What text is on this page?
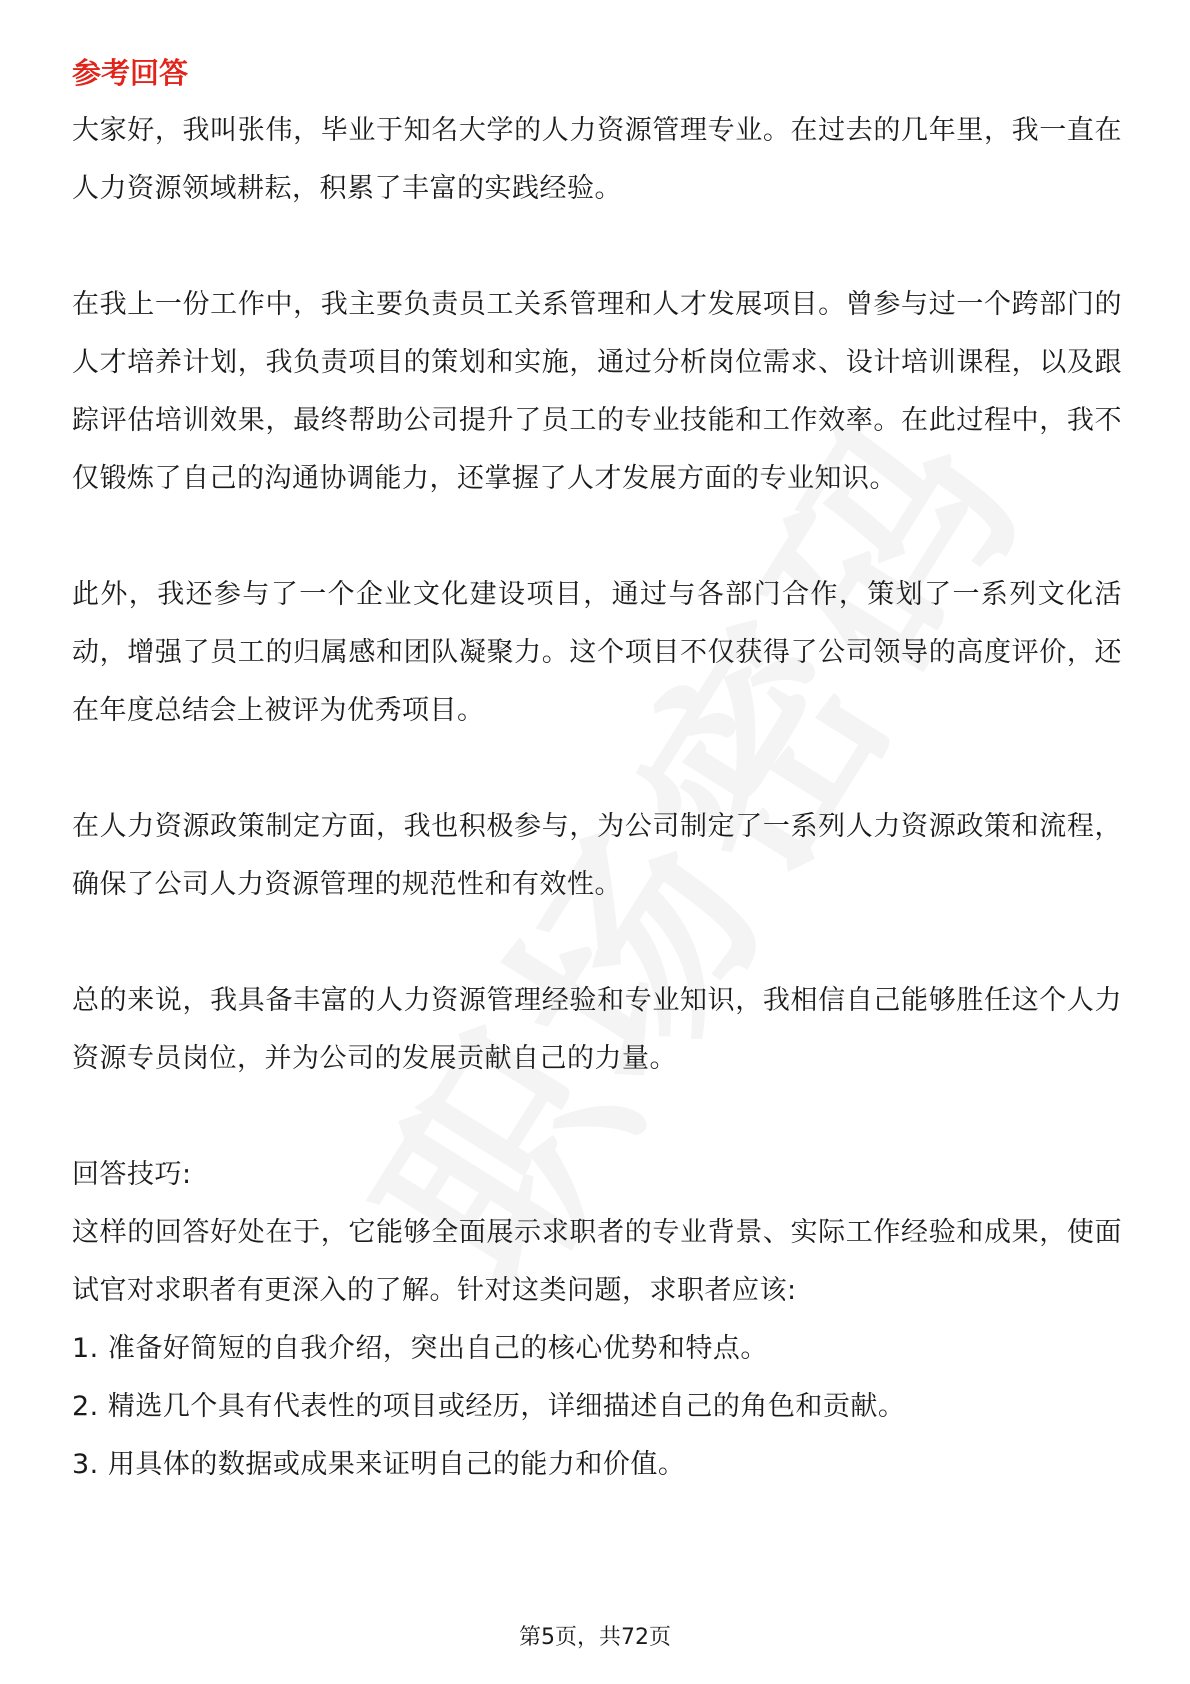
参考回答

大家好，我叫张伟，毕业于知名大学的人力资源管理专业。在过去的几年里，我一直在人力资源领域耕耘，积累了丰富的实践经验。

在我上一份工作中，我主要负责员工关系管理和人才发展项目。曾参与过一个跨部门的人才培养计划，我负责项目的策划和实施，通过分析岗位需求、设计培训课程，以及跟踪评估培训效果，最终帮助公司提升了员工的专业技能和工作效率。在此过程中，我不仅锻炼了自己的沟通协调能力，还掌握了人才发展方面的专业知识。

此外，我还参与了一个企业文化建设项目，通过与各部门合作，策划了一系列文化活动，增强了员工的归属感和团队凝聚力。这个项目不仅获得了公司领导的高度评价，还在年度总结会上被评为优秀项目。

在人力资源政策制定方面，我也积极参与，为公司制定了一系列人力资源政策和流程，确保了公司人力资源管理的规范性和有效性。

总的来说，我具备丰富的人力资源管理经验和专业知识，我相信自己能够胜任这个人力资源专员岗位，并为公司的发展贡献自己的力量。

回答技巧:

这样的回答好处在于，它能够全面展示求职者的专业背景、实际工作经验和成果，使面试官对求职者有更深入的了解。针对这类问题，求职者应该:

1. 准备好简短的自我介绍，突出自己的核心优势和特点。

2. 精选几个具有代表性的项目或经历，详细描述自己的角色和贡献。

3. 用具体的数据或成果来证明自己的能力和价值。

第5页，共72页
